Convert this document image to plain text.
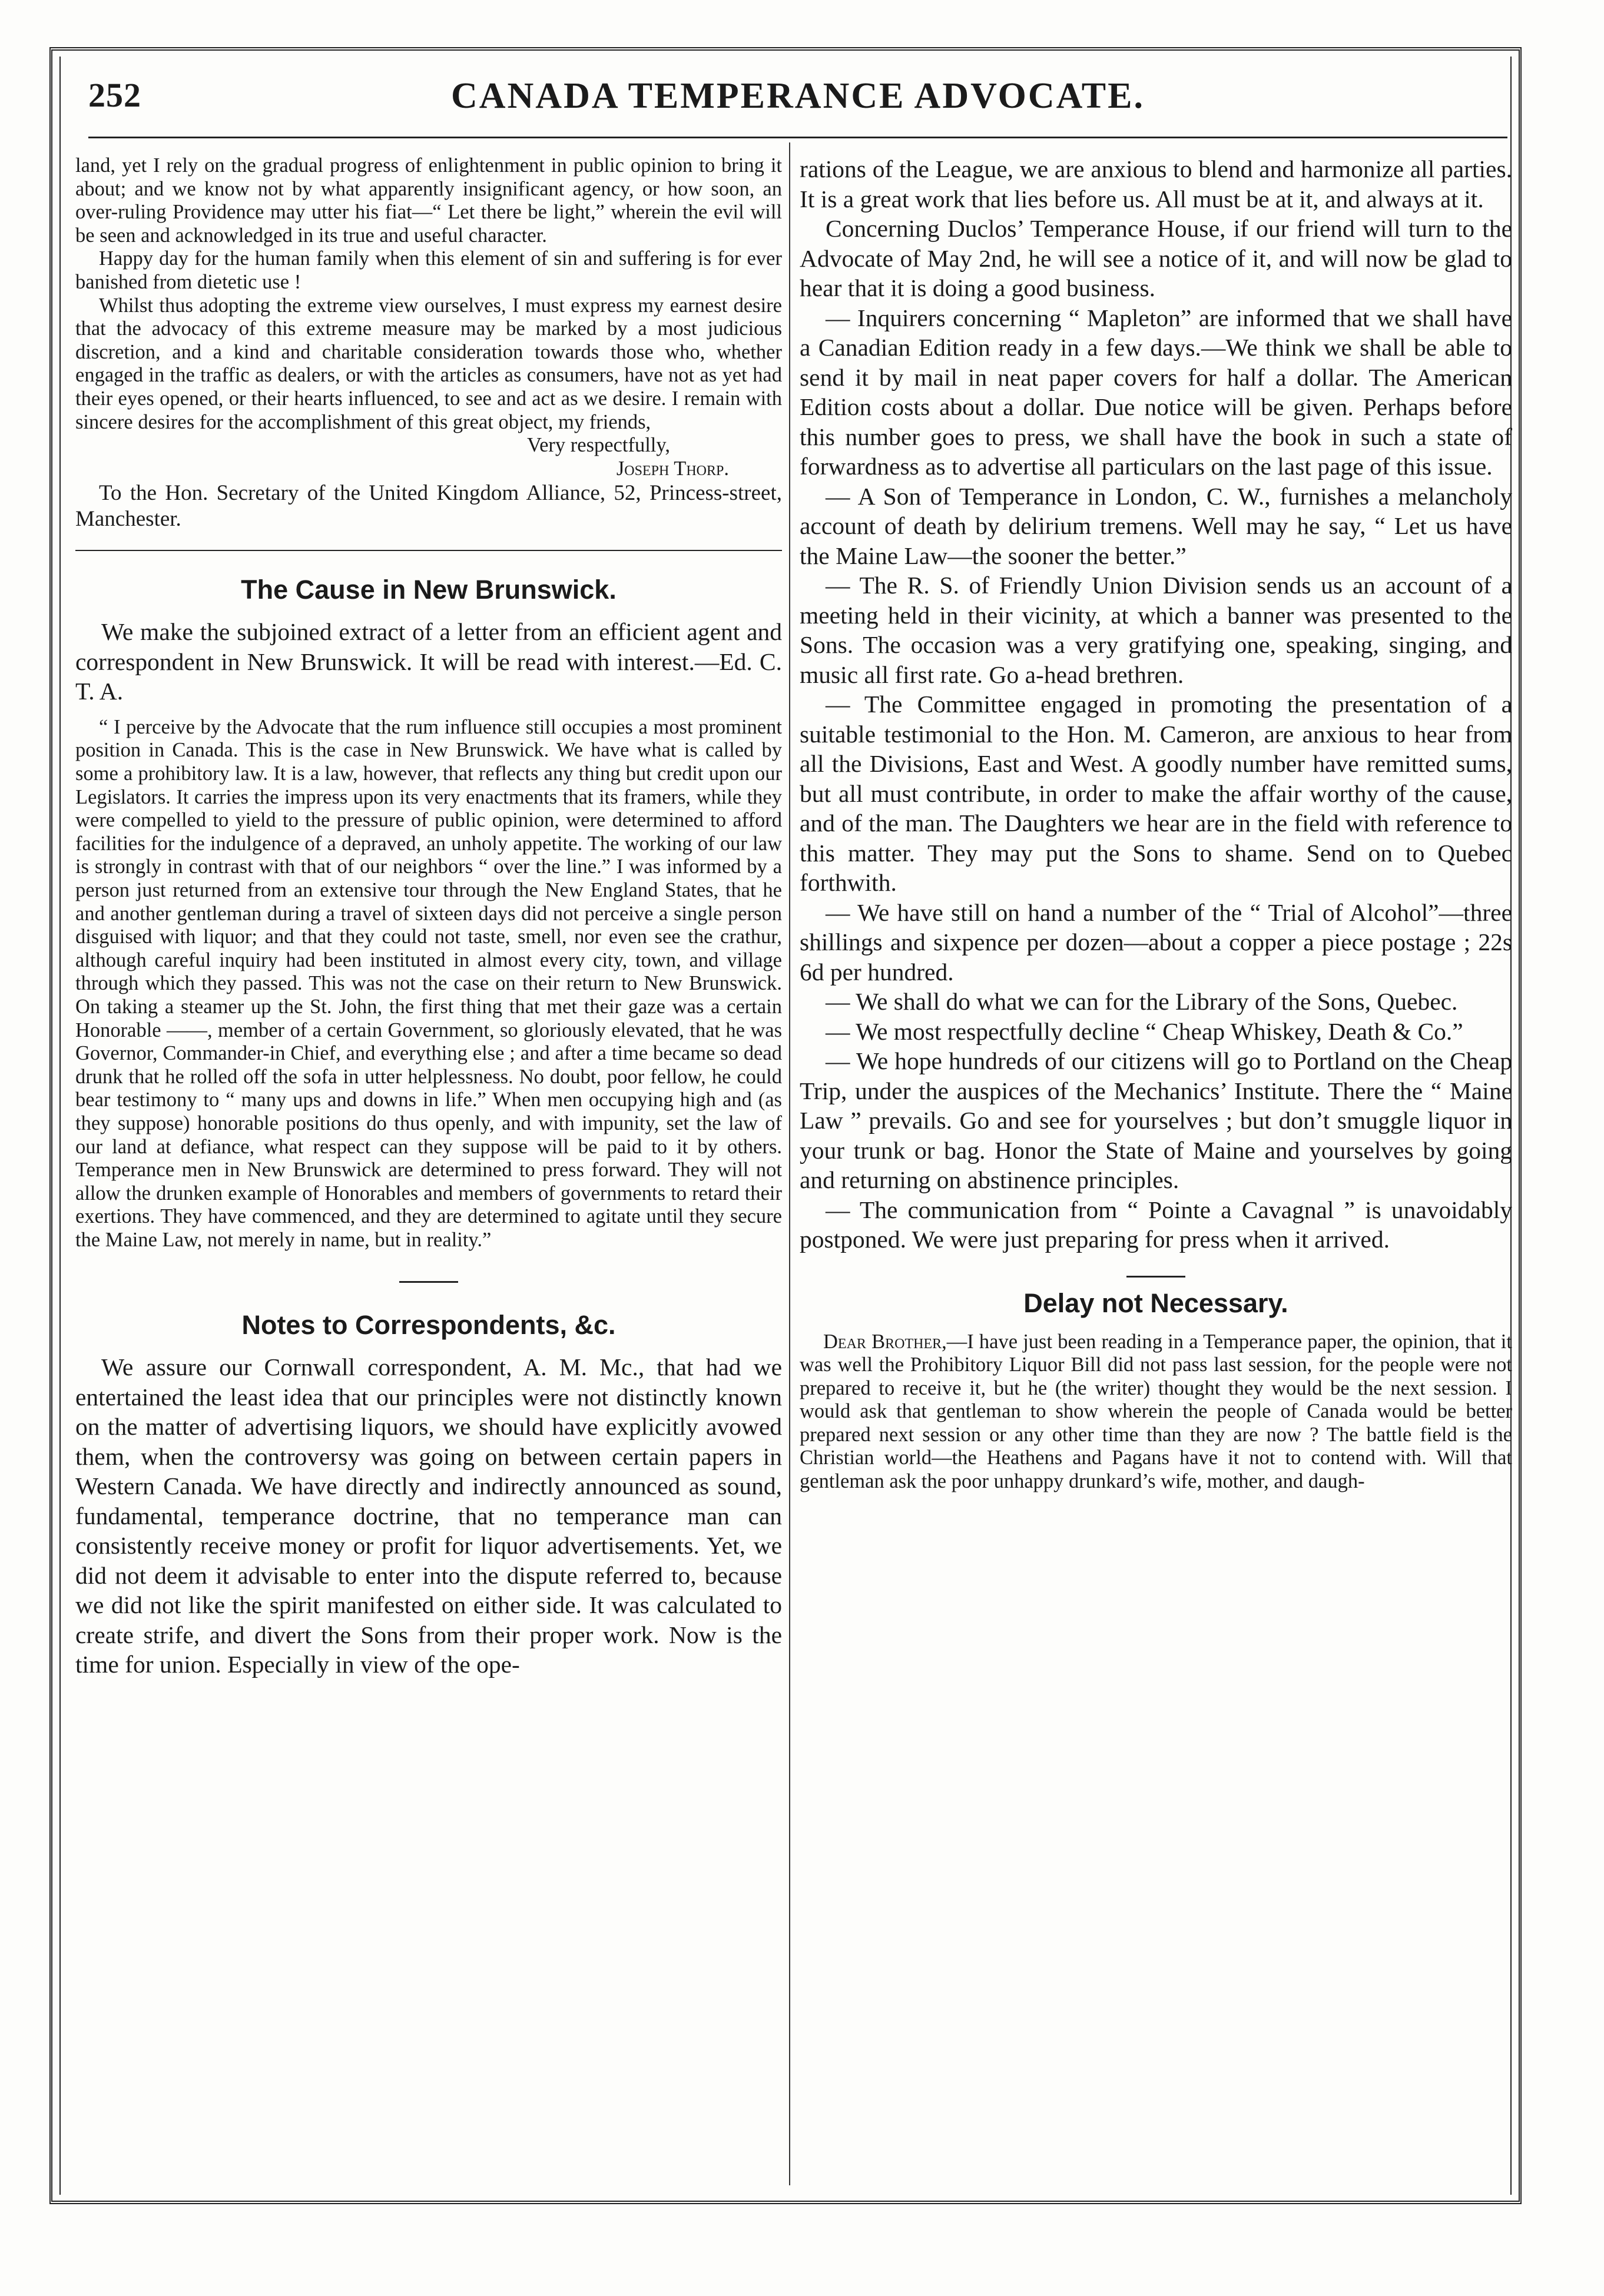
CANADA TEMPERANCE ADVOCATE.
252

land, yet I rely on the gradual progress of enlightenment in public opinion to bring it about; and we know not by what apparently insignificant agency, or how soon, an over-ruling Providence may utter his fiat—“ Let there be light,” wherein the evil will be seen and acknowledged in its true and useful character.

Happy day for the human family when this element of sin and suffering is for ever banished from dietetic use !

Whilst thus adopting the extreme view ourselves, I must express my earnest desire that the advocacy of this extreme measure may be marked by a most judicious discretion, and a kind and charitable consideration towards those who, whether engaged in the traffic as dealers, or with the articles as consumers, have not as yet had their eyes opened, or their hearts influenced, to see and act as we desire. I remain with sincere desires for the accomplishment of this great object, my friends,

Very respectfully,

Joseph Thorp.

To the Hon. Secretary of the United Kingdom Alliance, 52, Princess-street, Manchester.

The Cause in New Brunswick.

We make the subjoined extract of a letter from an efficient agent and correspondent in New Brunswick. It will be read with interest.—Ed. C. T. A.

“ I perceive by the Advocate that the rum influence still occupies a most prominent position in Canada. This is the case in New Brunswick. We have what is called by some a prohibitory law. It is a law, however, that reflects any thing but credit upon our Legislators. It carries the impress upon its very enactments that its framers, while they were compelled to yield to the pressure of public opinion, were determined to afford facilities for the indulgence of a depraved, an unholy appetite. The working of our law is strongly in contrast with that of our neighbors “ over the line.” I was informed by a person just returned from an extensive tour through the New England States, that he and another gentleman during a travel of sixteen days did not perceive a single person disguised with liquor; and that they could not taste, smell, nor even see the crathur, although careful inquiry had been instituted in almost every city, town, and village through which they passed. This was not the case on their return to New Brunswick. On taking a steamer up the St. John, the first thing that met their gaze was a certain Honorable ——, member of a certain Government, so gloriously elevated, that he was Governor, Commander-in Chief, and everything else ; and after a time became so dead drunk that he rolled off the sofa in utter helplessness. No doubt, poor fellow, he could bear testimony to “ many ups and downs in life.” When men occupying high and (as they suppose) honorable positions do thus openly, and with impunity, set the law of our land at defiance, what respect can they suppose will be paid to it by others. Temperance men in New Brunswick are determined to press forward. They will not allow the drunken example of Honorables and members of governments to retard their exertions. They have commenced, and they are determined to agitate until they secure the Maine Law, not merely in name, but in reality.”

Notes to Correspondents, &c.

We assure our Cornwall correspondent, A. M. Mc., that had we entertained the least idea that our principles were not distinctly known on the matter of advertising liquors, we should have explicitly avowed them, when the controversy was going on between certain papers in Western Canada. We have directly and indirectly announced as sound, fundamental, temperance doctrine, that no temperance man can consistently receive money or profit for liquor advertisements. Yet, we did not deem it advisable to enter into the dispute referred to, because we did not like the spirit manifested on either side. It was calculated to create strife, and divert the Sons from their proper work. Now is the time for union. Especially in view of the ope-

rations of the League, we are anxious to blend and harmonize all parties. It is a great work that lies before us. All must be at it, and always at it.

Concerning Duclos’ Temperance House, if our friend will turn to the Advocate of May 2nd, he will see a notice of it, and will now be glad to hear that it is doing a good business.

— Inquirers concerning “ Mapleton” are informed that we shall have a Canadian Edition ready in a few days.—We think we shall be able to send it by mail in neat paper covers for half a dollar. The American Edition costs about a dollar. Due notice will be given. Perhaps before this number goes to press, we shall have the book in such a state of forwardness as to advertise all particulars on the last page of this issue.

— A Son of Temperance in London, C. W., furnishes a melancholy account of death by delirium tremens. Well may he say, “ Let us have the Maine Law—the sooner the better.”

— The R. S. of Friendly Union Division sends us an account of a meeting held in their vicinity, at which a banner was presented to the Sons. The occasion was a very gratifying one, speaking, singing, and music all first rate. Go a-head brethren.

— The Committee engaged in promoting the presentation of a suitable testimonial to the Hon. M. Cameron, are anxious to hear from all the Divisions, East and West. A goodly number have remitted sums, but all must contribute, in order to make the affair worthy of the cause, and of the man. The Daughters we hear are in the field with reference to this matter. They may put the Sons to shame. Send on to Quebec forthwith.

— We have still on hand a number of the “ Trial of Alcohol”—three shillings and sixpence per dozen—about a copper a piece postage ; 22s 6d per hundred.

— We shall do what we can for the Library of the Sons, Quebec.

— We most respectfully decline “ Cheap Whiskey, Death & Co.”

— We hope hundreds of our citizens will go to Portland on the Cheap Trip, under the auspices of the Mechanics’ Institute. There the “ Maine Law ” prevails. Go and see for yourselves ; but don’t smuggle liquor in your trunk or bag. Honor the State of Maine and yourselves by going and returning on abstinence principles.

— The communication from “ Pointe a Cavagnal ” is unavoidably postponed. We were just preparing for press when it arrived.

Delay not Necessary.

Dear Brother,—I have just been reading in a Temperance paper, the opinion, that it was well the Prohibitory Liquor Bill did not pass last session, for the people were not prepared to receive it, but he (the writer) thought they would be the next session. I would ask that gentleman to show wherein the people of Canada would be better prepared next session or any other time than they are now ? The battle field is the Christian world—the Heathens and Pagans have it not to contend with. Will that gentleman ask the poor unhappy drunkard’s wife, mother, and daugh-
